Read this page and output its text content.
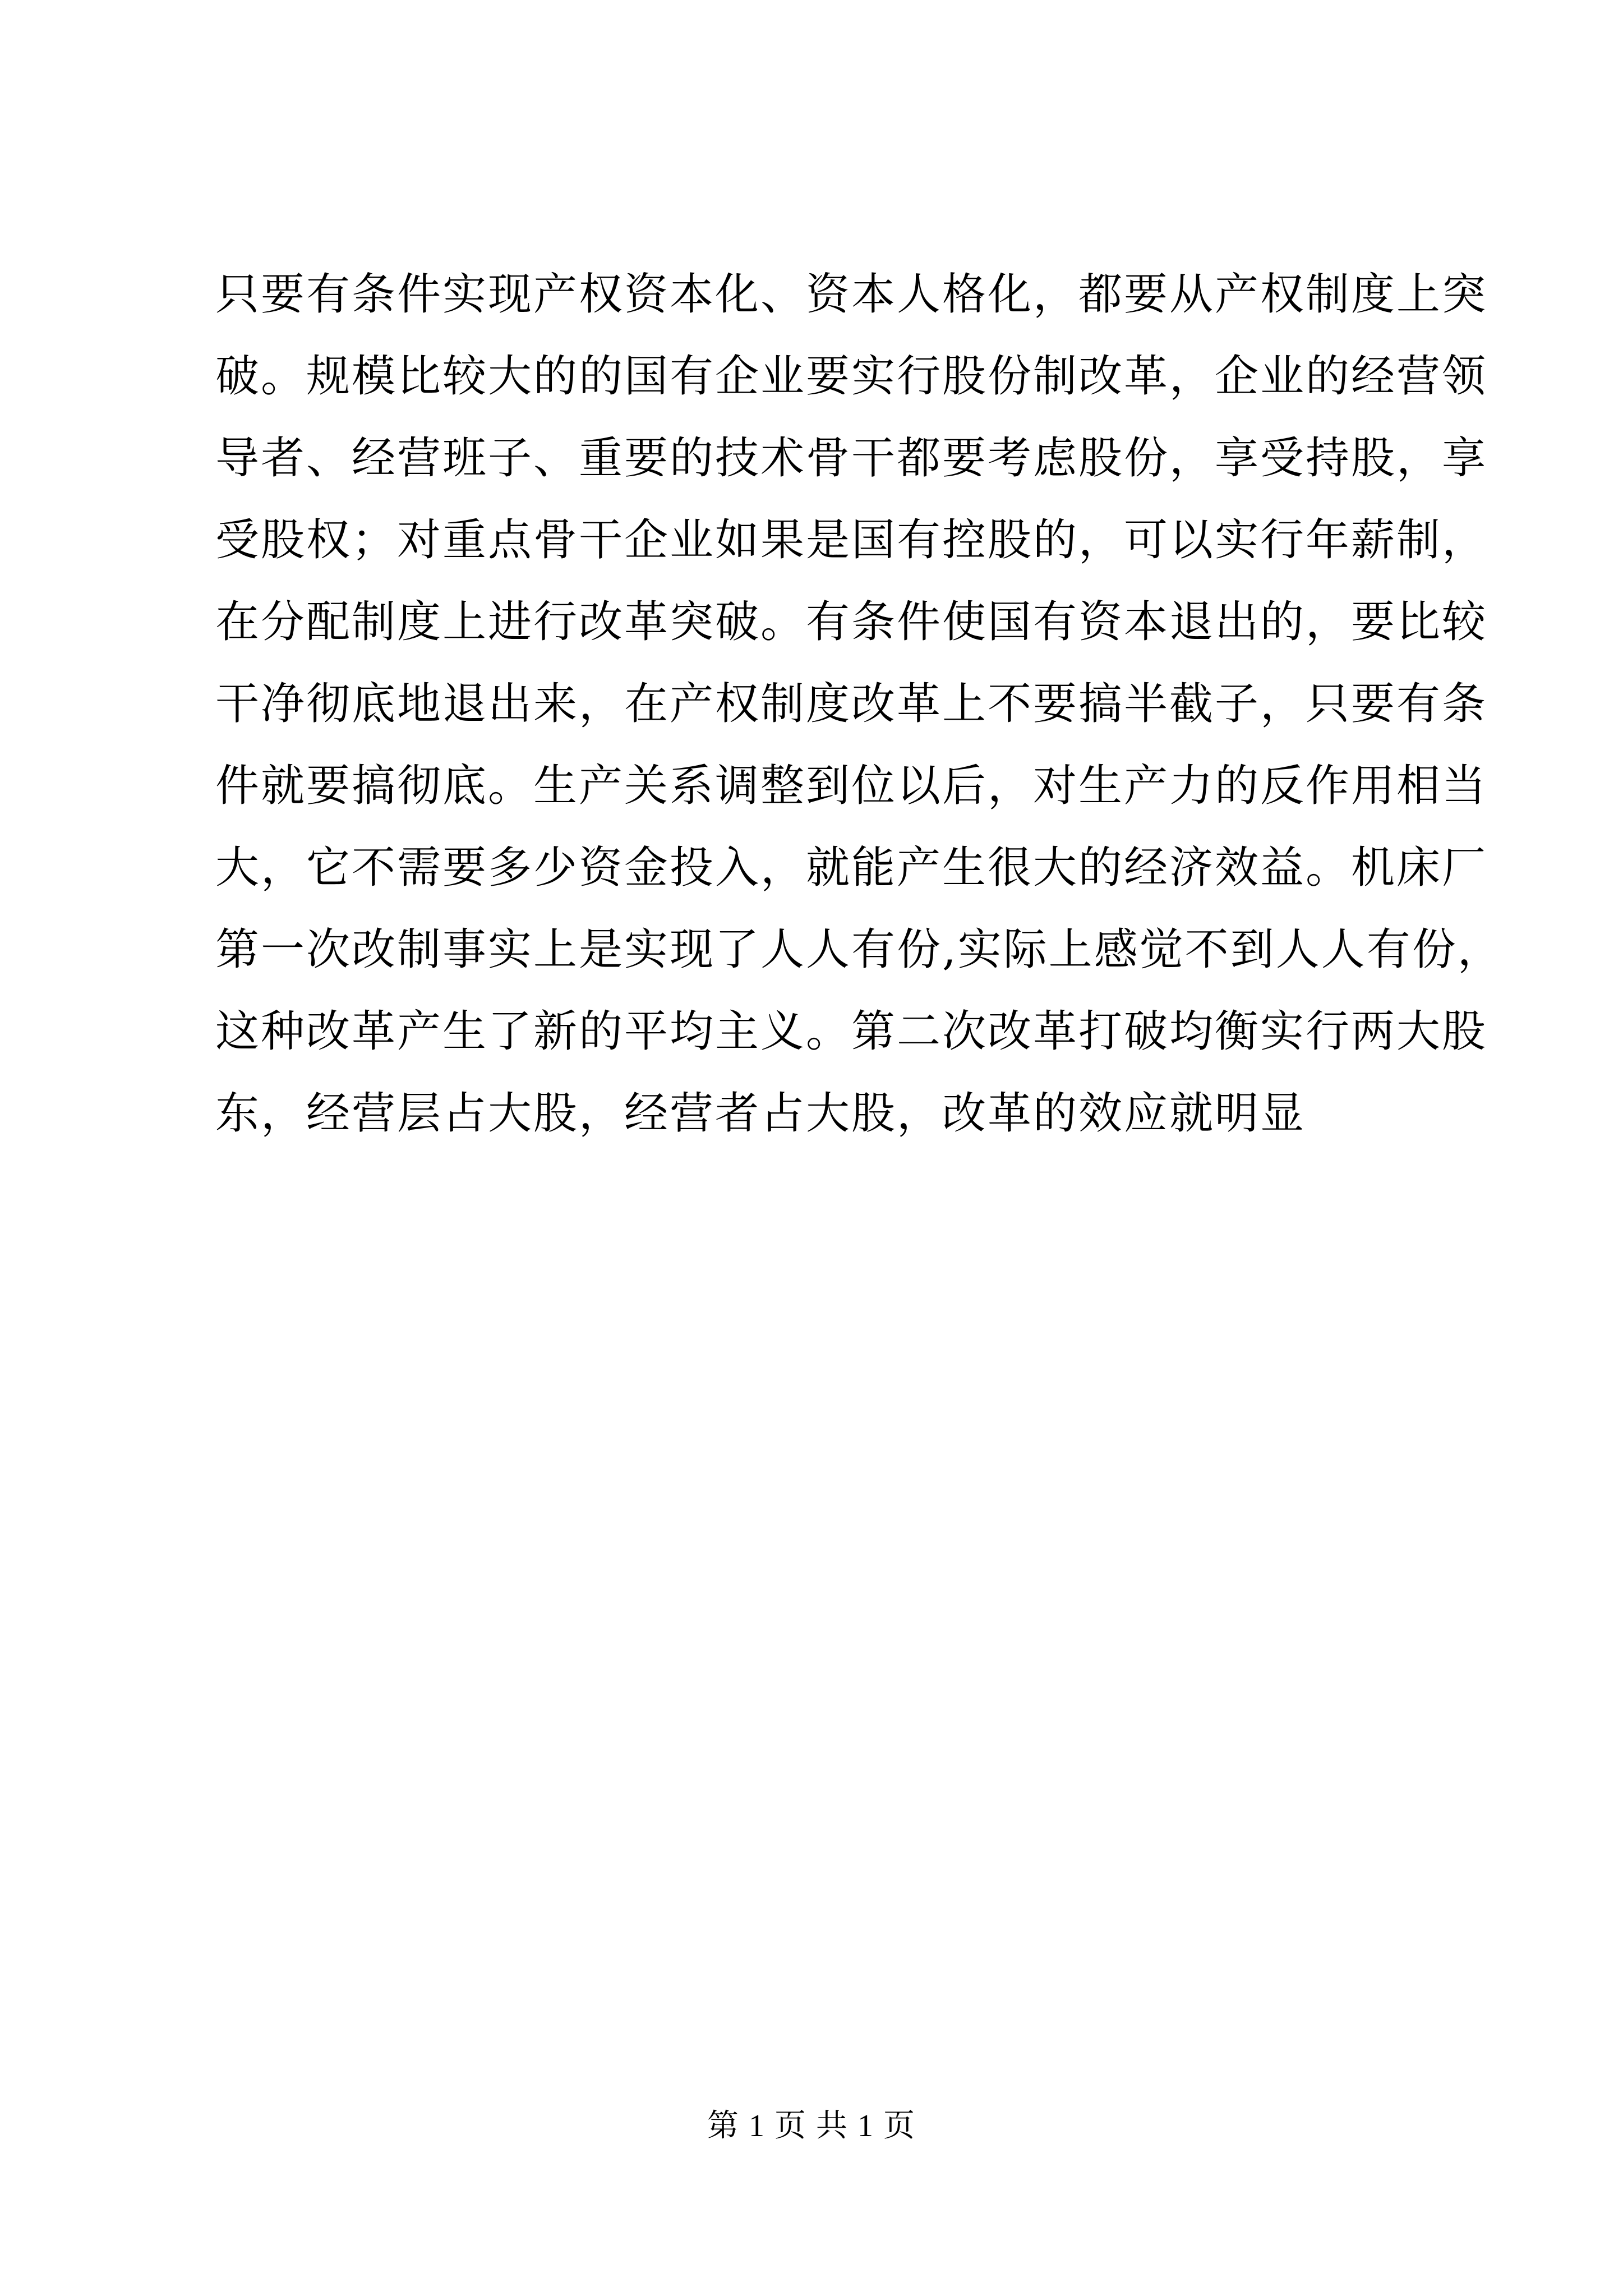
只要有条件实现产权资本化、资本人格化，都要从产权制度上突
破。规模比较大的的国有企业要实行股份制改革，企业的经营领
导者、经营班子、重要的技术骨干都要考虑股份，享受持股，享
受股权；对重点骨干企业如果是国有控股的，可以实行年薪制，
在分配制度上进行改革突破。有条件使国有资本退出的，要比较
干净彻底地退出来，在产权制度改革上不要搞半截子，只要有条
件就要搞彻底。生产关系调整到位以后，对生产力的反作用相当
大，它不需要多少资金投入，就能产生很大的经济效益。机床厂
第一次改制事实上是实现了人人有份,实际上感觉不到人人有份，
这种改革产生了新的平均主义。第二次改革打破均衡实行两大股
东，经营层占大股，经营者占大股，改革的效应就明显
第 1 页 共 1 页
